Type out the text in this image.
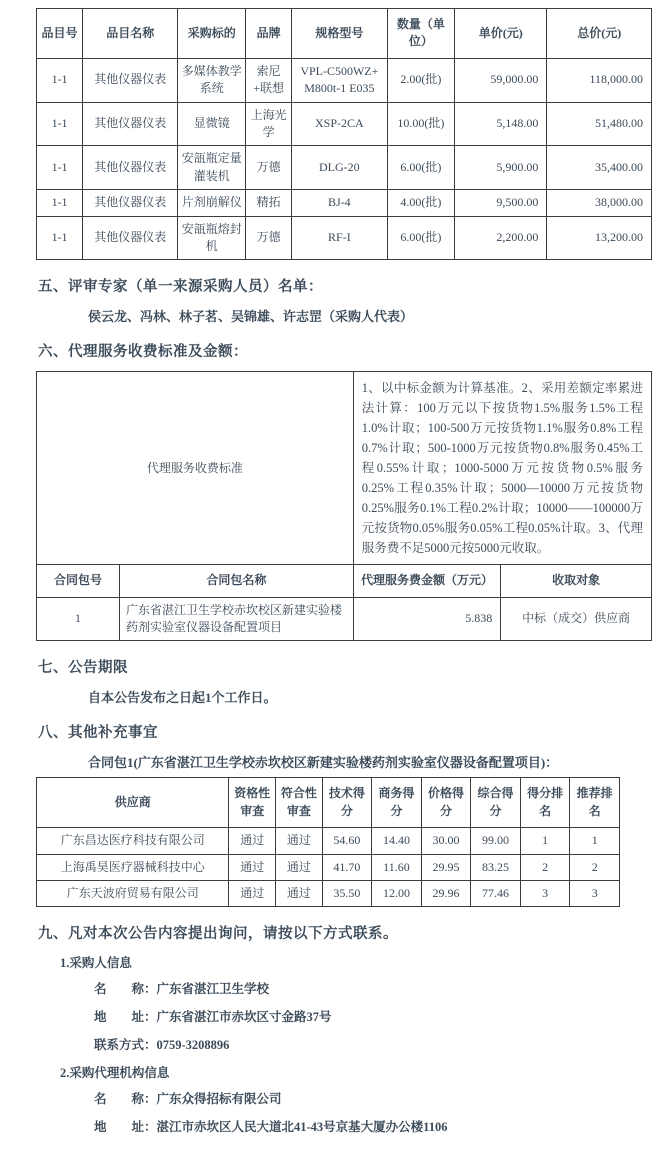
品目号	品目名称	采购标的	品牌	规格型号	数量（单位）	单价(元)	总价(元)
1-1	其他仪器仪表	多媒体教学系统	索尼+联想	VPL-C500WZ+ M800t-1 E035	2.00(批)	59,000.00	118,000.00
1-1	其他仪器仪表	显微镜	上海光学	XSP-2CA	10.00(批)	5,148.00	51,480.00
1-1	其他仪器仪表	安瓿瓶定量灌装机	万德	DLG-20	6.00(批)	5,900.00	35,400.00
1-1	其他仪器仪表	片剂崩解仪	精拓	BJ-4	4.00(批)	9,500.00	38,000.00
1-1	其他仪器仪表	安瓿瓶熔封机	万德	RF-I	6.00(批)	2,200.00	13,200.00
五、评审专家（单一来源采购人员）名单：

侯云龙、冯林、林子茗、吴锦雄、许志罡（采购人代表）

六、代理服务收费标准及金额：
代理服务收费标准		1、以中标金额为计算基准。2、采用差额定率累进法计算：100万元以下按货物1.5%服务1.5%工程1.0%计取；100-500万元按货物1.1%服务0.8%工程0.7%计取；500-1000万元按货物0.8%服务0.45%工程0.55%计取；1000-5000万元按货物0.5%服务0.25%工程0.35%计取；5000—10000万元按货物0.25%服务0.1%工程0.2%计取；10000——100000万元按货物0.05%服务0.05%工程0.05%计取。3、代理服务费不足5000元按5000元收取。	
合同包号	合同包名称	代理服务费金额（万元）	收取对象
1	广东省湛江卫生学校赤坎校区新建实验楼药剂实验室仪器设备配置项目	5.838	中标（成交）供应商
七、公告期限

自本公告发布之日起1个工作日。

八、其他补充事宜

合同包1(广东省湛江卫生学校赤坎校区新建实验楼药剂实验室仪器设备配置项目)：

供应商	资格性审查	符合性审查	技术得分	商务得分	价格得分	综合得分	得分排名	推荐排名
广东昌达医疗科技有限公司	通过	通过	54.60	14.40	30.00	99.00	1	1
上海禹昊医疗器械科技中心	通过	通过	41.70	11.60	29.95	83.25	2	2
广东天波府贸易有限公司	通过	通过	35.50	12.00	29.96	77.46	3	3
九、凡对本次公告内容提出询问，请按以下方式联系。

1.采购人信息

名　　称：广东省湛江卫生学校

地　　址：广东省湛江市赤坎区寸金路37号

联系方式：0759-3208896

2.采购代理机构信息

名　　称：广东众得招标有限公司

地　　址：湛江市赤坎区人民大道北41-43号京基大厦办公楼1106
